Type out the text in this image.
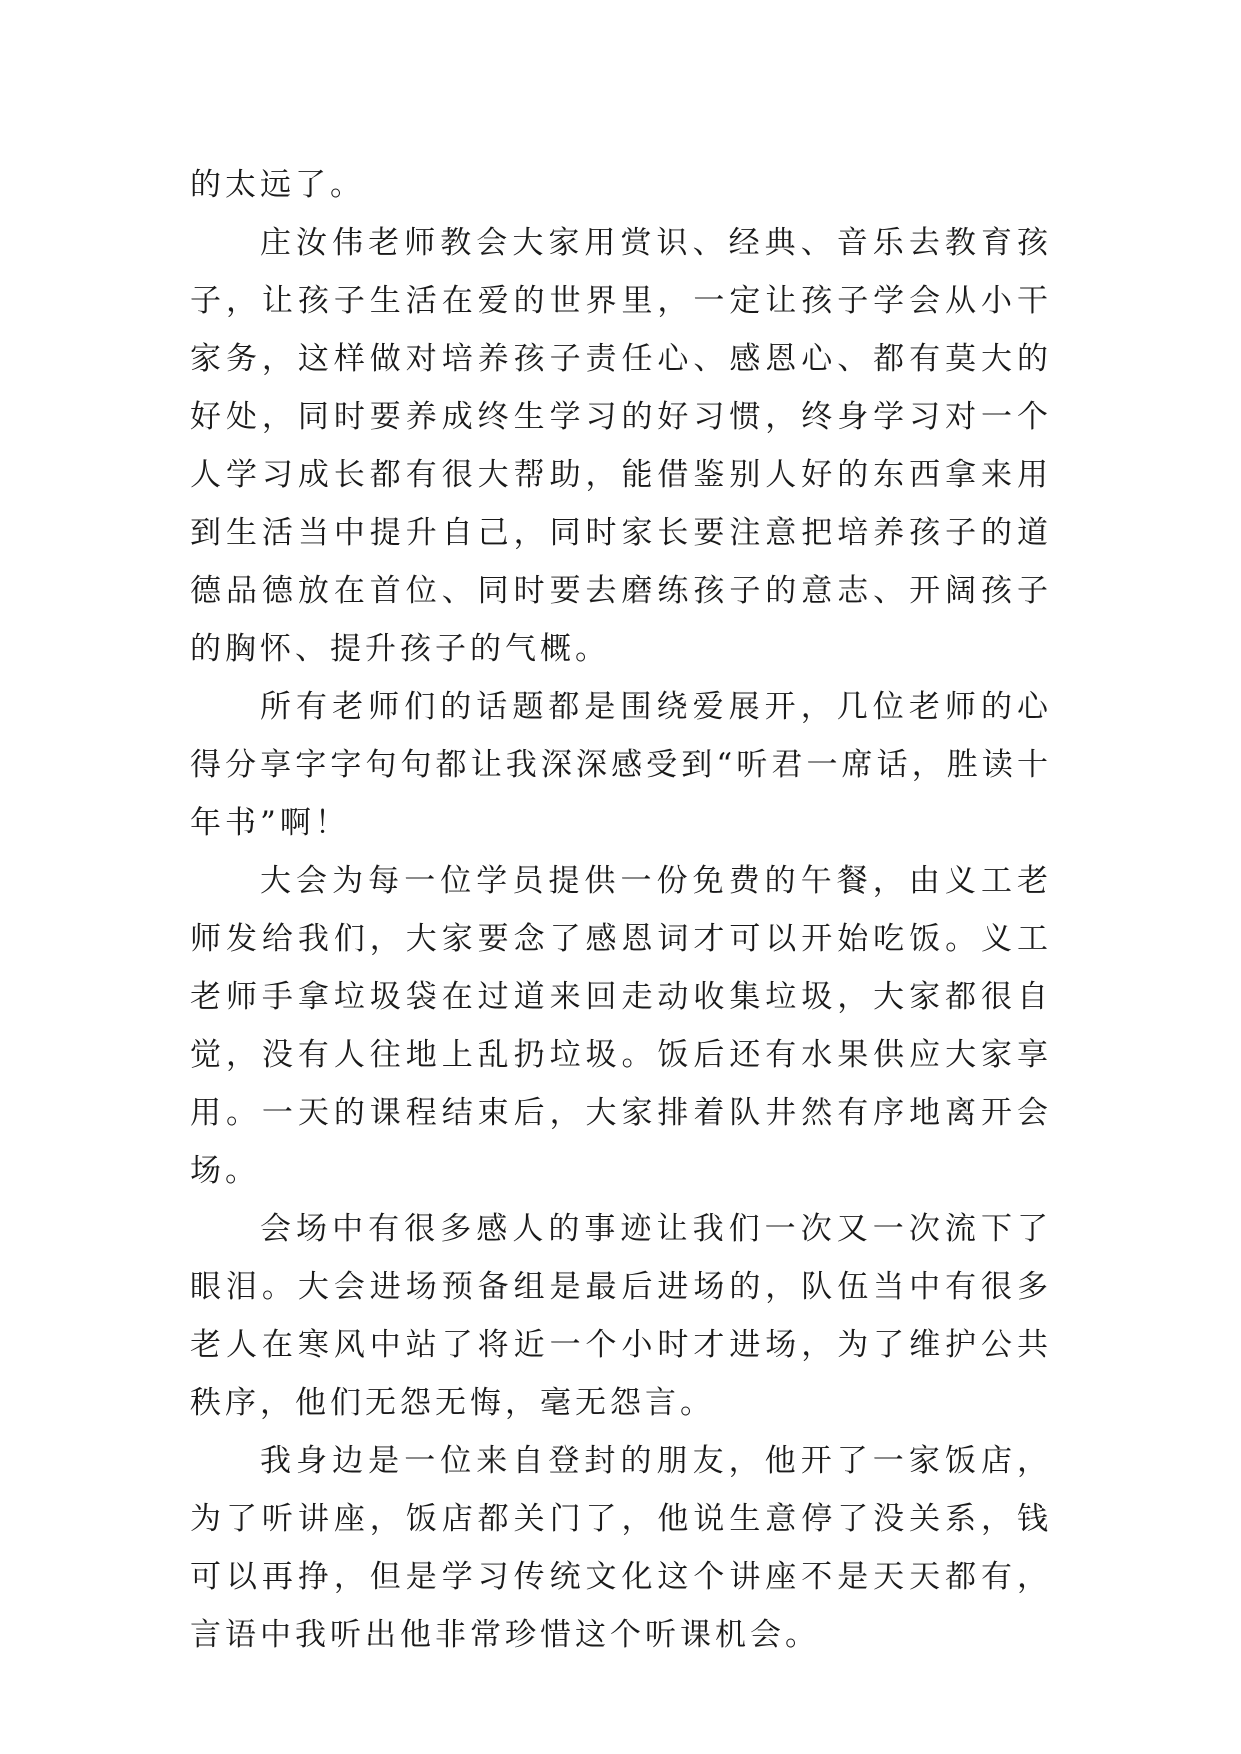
的太远了。

庄汝伟老师教会大家用赏识、经典、音乐去教育孩子，让孩子生活在爱的世界里，一定让孩子学会从小干家务，这样做对培养孩子责任心、感恩心、都有莫大的好处，同时要养成终生学习的好习惯，终身学习对一个人学习成长都有很大帮助，能借鉴别人好的东西拿来用到生活当中提升自己，同时家长要注意把培养孩子的道德品德放在首位、同时要去磨练孩子的意志、开阔孩子的胸怀、提升孩子的气概。

所有老师们的话题都是围绕爱展开，几位老师的心得分享字字句句都让我深深感受到“听君一席话，胜读十年书”啊！

大会为每一位学员提供一份免费的午餐，由义工老师发给我们，大家要念了感恩词才可以开始吃饭。义工老师手拿垃圾袋在过道来回走动收集垃圾，大家都很自觉，没有人往地上乱扔垃圾。饭后还有水果供应大家享用。一天的课程结束后，大家排着队井然有序地离开会场。

会场中有很多感人的事迹让我们一次又一次流下了眼泪。大会进场预备组是最后进场的，队伍当中有很多老人在寒风中站了将近一个小时才进场，为了维护公共秩序，他们无怨无悔，毫无怨言。

我身边是一位来自登封的朋友，他开了一家饭店，为了听讲座，饭店都关门了，他说生意停了没关系，钱可以再挣，但是学习传统文化这个讲座不是天天都有，言语中我听出他非常珍惜这个听课机会。
